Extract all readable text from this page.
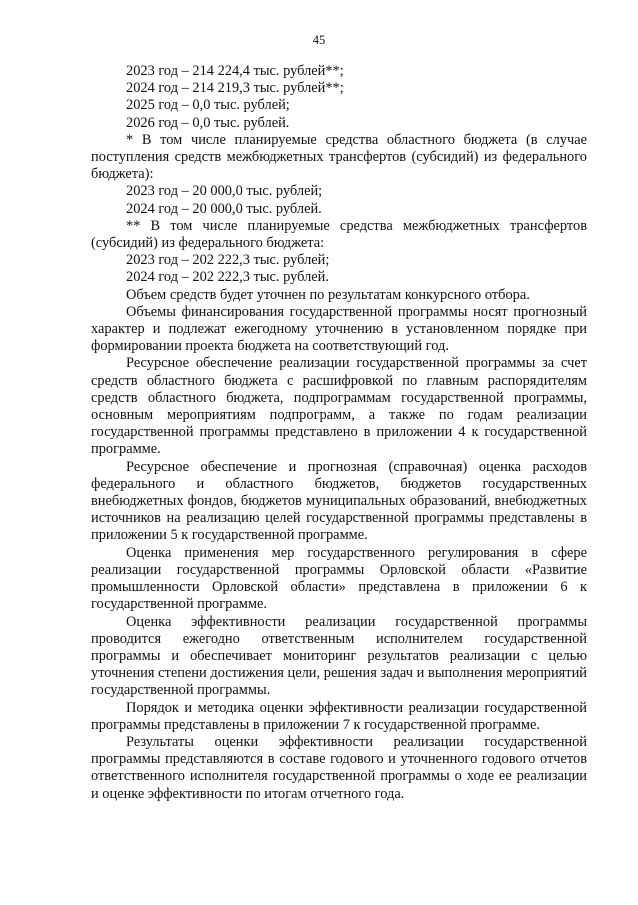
45

2023 год – 214 224,4 тыс. рублей**;

2024 год – 214 219,3 тыс. рублей**;

2025 год – 0,0 тыс. рублей;

2026 год – 0,0 тыс. рублей.

* В том числе планируемые средства областного бюджета (в случае поступления средств межбюджетных трансфертов (субсидий) из федерального бюджета):

2023 год – 20 000,0 тыс. рублей;

2024 год – 20 000,0 тыс. рублей.

** В том числе планируемые средства межбюджетных трансфертов (субсидий) из федерального бюджета:

2023 год – 202 222,3 тыс. рублей;

2024 год – 202 222,3 тыс. рублей.

Объем средств будет уточнен по результатам конкурсного отбора.

Объемы финансирования государственной программы носят прогнозный характер и подлежат ежегодному уточнению в установленном порядке при формировании проекта бюджета на соответствующий год.

Ресурсное обеспечение реализации государственной программы за счет средств областного бюджета с расшифровкой по главным распорядителям средств областного бюджета, подпрограммам государственной программы, основным мероприятиям подпрограмм, а также по годам реализации государственной программы представлено в приложении 4 к государственной программе.

Ресурсное обеспечение и прогнозная (справочная) оценка расходов федерального и областного бюджетов, бюджетов государственных внебюджетных фондов, бюджетов муниципальных образований, внебюджетных источников на реализацию целей государственной программы представлены в приложении 5 к государственной программе.

Оценка применения мер государственного регулирования в сфере реализации государственной программы Орловской области «Развитие промышленности Орловской области» представлена в приложении 6 к государственной программе.

Оценка эффективности реализации государственной программы проводится ежегодно ответственным исполнителем государственной программы и обеспечивает мониторинг результатов реализации с целью уточнения степени достижения цели, решения задач и выполнения мероприятий государственной программы.

Порядок и методика оценки эффективности реализации государственной программы представлены в приложении 7 к государственной программе.

Результаты оценки эффективности реализации государственной программы представляются в составе годового и уточненного годового отчетов ответственного исполнителя государственной программы о ходе ее реализации и оценке эффективности по итогам отчетного года.
